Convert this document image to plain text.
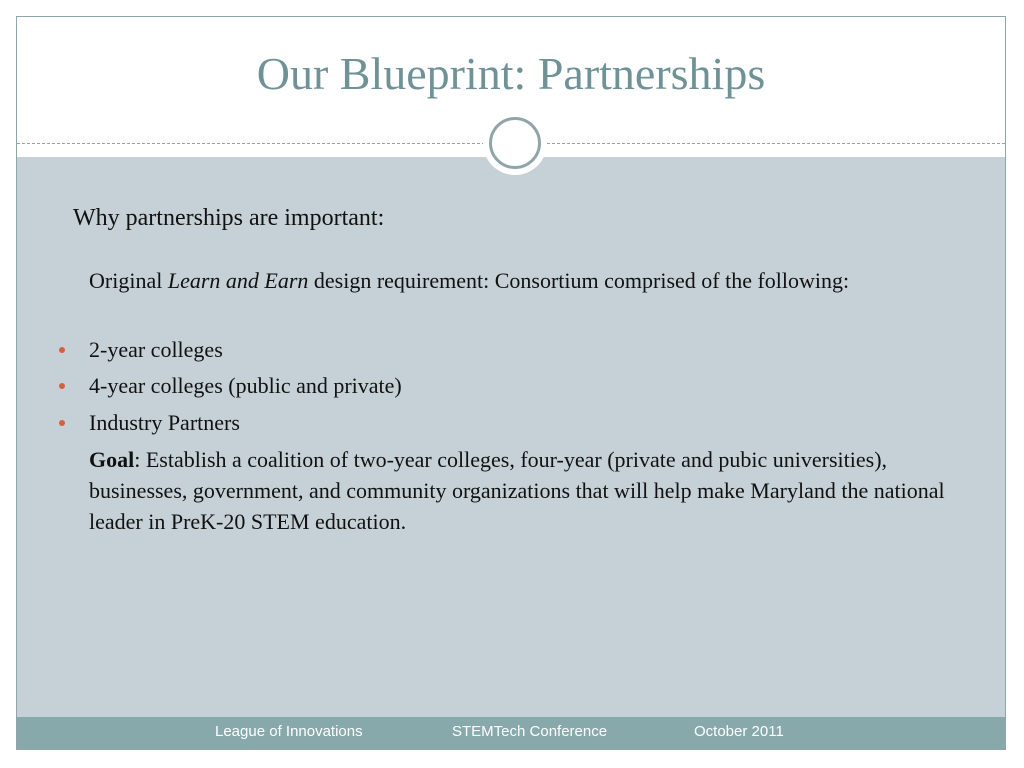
Our Blueprint: Partnerships
League of Innovations	STEMTech Conference	October 2011
Why partnerships are important:
Original Learn and Earn design requirement: Consortium comprised of the following:
2-year colleges
4-year colleges (public and private)
Industry Partners
Goal: Establish a coalition of two-year colleges, four-year (private and pubic universities), businesses, government, and community organizations that will help make Maryland the national leader in PreK-20 STEM education.
